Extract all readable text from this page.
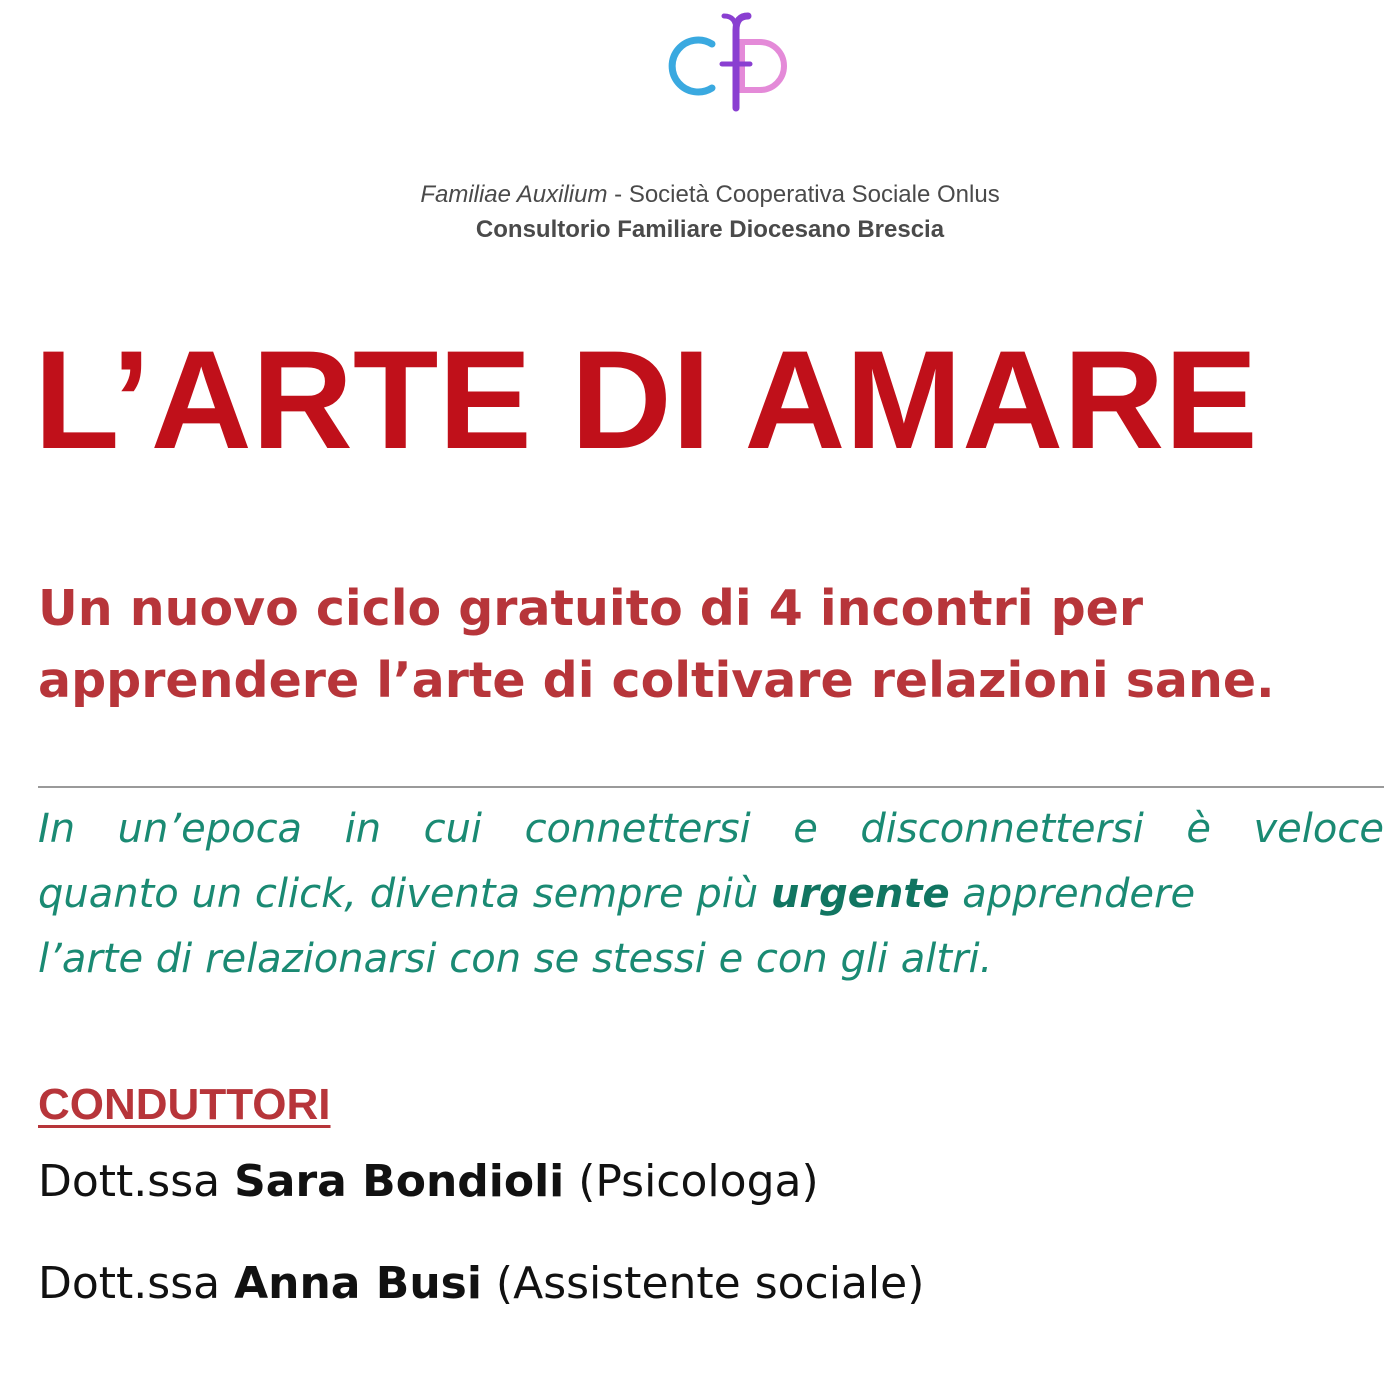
Familiae Auxilium - Società Cooperativa Sociale Onlus
Consultorio Familiare Diocesano Brescia
L’ARTE DI AMARE

Un nuovo ciclo gratuito di 4 incontri per
apprendere l’arte di coltivare relazioni sane.

In un’epoca in cui connettersi e disconnettersi è veloce
quanto un click, diventa sempre più urgente apprendere
l’arte di relazionarsi con se stessi e con gli altri.

CONDUTTORI

Dott.ssa Sara Bondioli (Psicologa)

Dott.ssa Anna Busi (Assistente sociale)
